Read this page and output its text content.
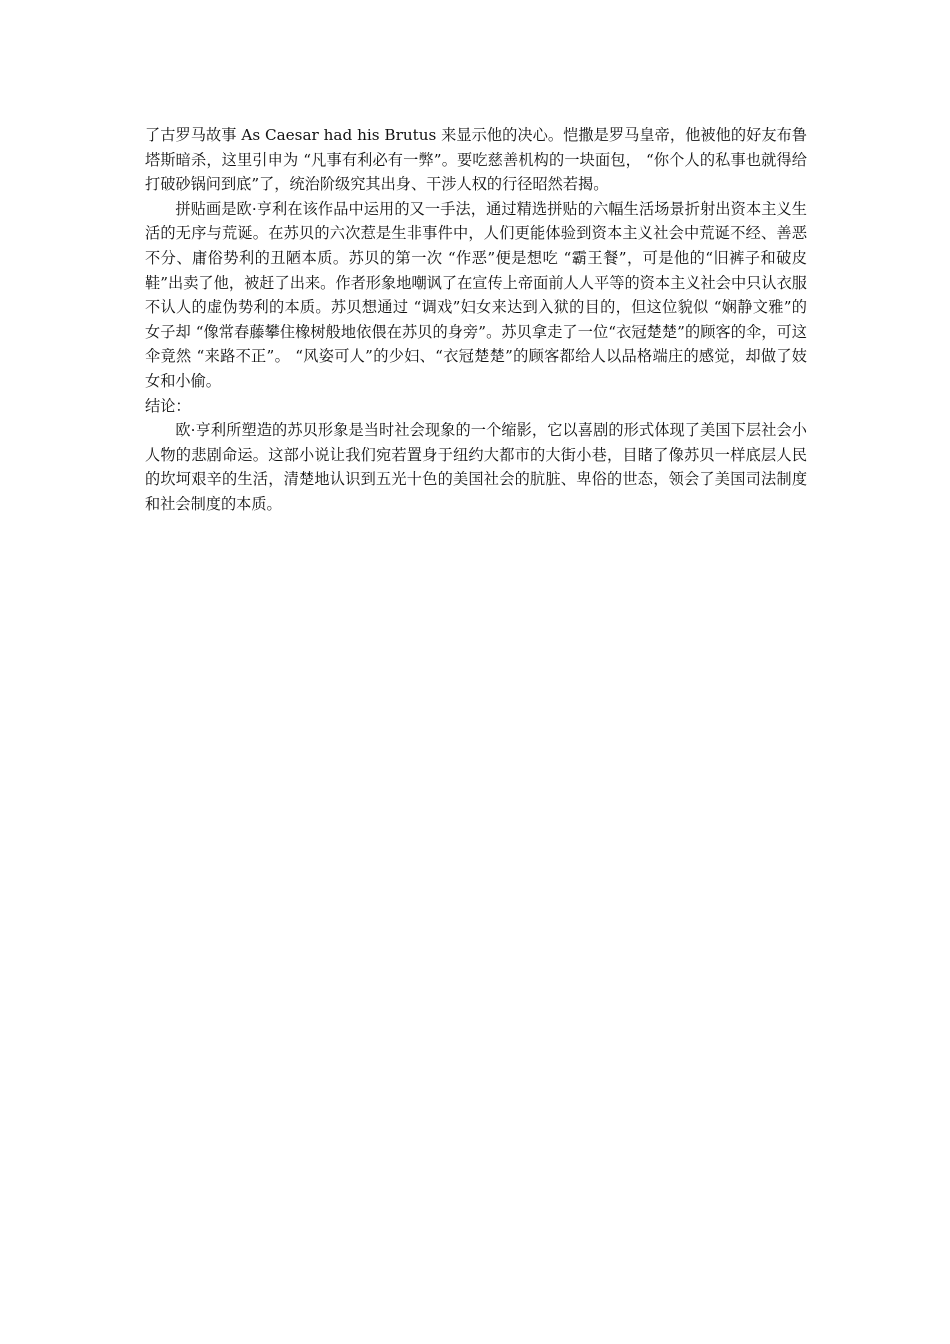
了古罗马故事 As Caesar had his Brutus 来显示他的决心。恺撒是罗马皇帝，他被他的好友布鲁塔斯暗杀，这里引申为 “凡事有利必有一弊”。要吃慈善机构的一块面包， “你个人的私事也就得给打破砂锅问到底”了，统治阶级究其出身、干涉人权的行径昭然若揭。

拼贴画是欧·亨利在该作品中运用的又一手法，通过精选拼贴的六幅生活场景折射出资本主义生活的无序与荒诞。在苏贝的六次惹是生非事件中，人们更能体验到资本主义社会中荒诞不经、善恶不分、庸俗势利的丑陋本质。苏贝的第一次 “作恶”便是想吃 “霸王餐”，可是他的“旧裤子和破皮鞋”出卖了他，被赶了出来。作者形象地嘲讽了在宣传上帝面前人人平等的资本主义社会中只认衣服不认人的虚伪势利的本质。苏贝想通过 “调戏”妇女来达到入狱的目的，但这位貌似 “娴静文雅”的女子却 “像常春藤攀住橡树般地依偎在苏贝的身旁”。苏贝拿走了一位“衣冠楚楚”的顾客的伞，可这伞竟然 “来路不正”。 “风姿可人”的少妇、“衣冠楚楚”的顾客都给人以品格端庄的感觉，却做了妓女和小偷。

结论：

欧·亨利所塑造的苏贝形象是当时社会现象的一个缩影，它以喜剧的形式体现了美国下层社会小人物的悲剧命运。这部小说让我们宛若置身于纽约大都市的大街小巷，目睹了像苏贝一样底层人民的坎坷艰辛的生活，清楚地认识到五光十色的美国社会的肮脏、卑俗的世态，领会了美国司法制度和社会制度的本质。
